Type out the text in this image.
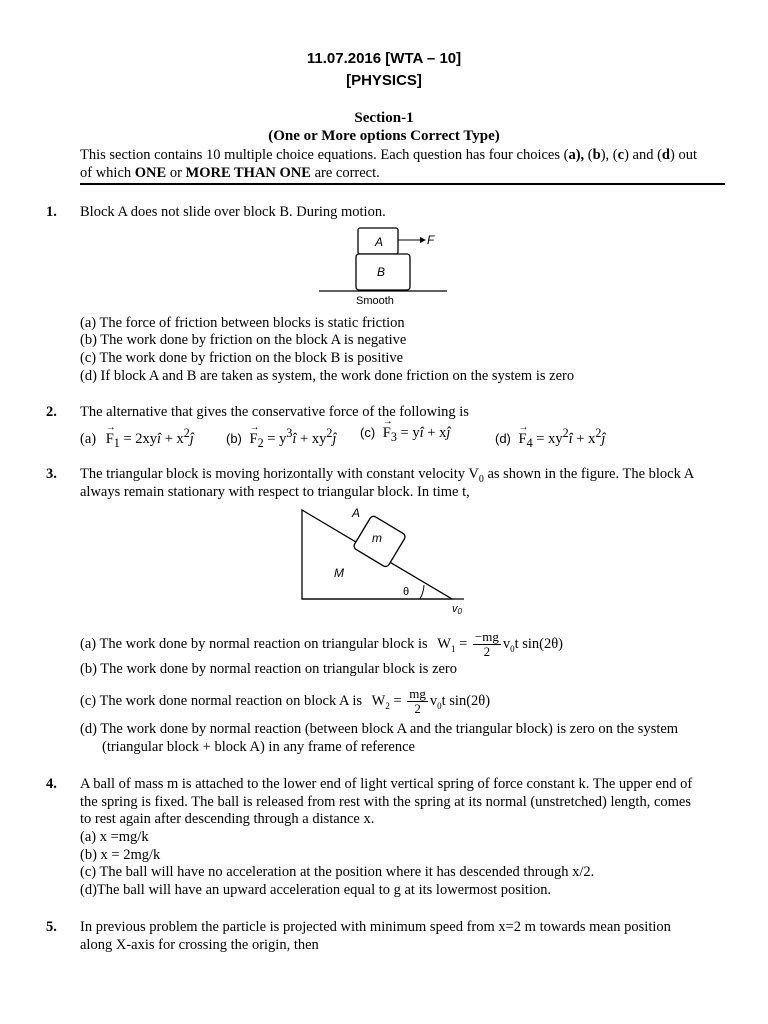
11.07.2016 [WTA – 10]
[PHYSICS]
Section-1
(One or More options Correct Type)
This section contains 10 multiple choice equations. Each question has four choices (a), (b), (c) and (d) out
of which ONE or MORE THAN ONE are correct.
1. Block A does not slide over block B. During motion.
A	F
B
Smooth
(a) The force of friction between blocks is static friction
(b) The work done by friction on the block A is negative
(c) The work done by friction on the block B is positive
(d) If block A and B are taken as system, the work done friction on the system is zero
2. The alternative that gives the conservative force of the following is
$(a) \to F_1$ = 2xyî + $x^2ĵ$ $(b) \to F_2$ = $y^3î$ + $xy^2ĵ$ $(c) \to F_3$ = yî + xĵ	$(d) \to F_4$ = $xy^2î$ + $x^2ĵ$
3. The triangular block is moving horizontally with constant velocity $V_0$ as shown in the figure. The block A
always remain stationary with respect to triangular block. In time t,
A
m
M
θ
v0
(a) The work done by normal reaction on triangular block is $W_1 = \frac{-mg}{2} v_0t$ sin(2θ)
(b) The work done by normal reaction on triangular block is zero
(c) The work done normal reaction on block A is $W_2 = \frac{mg}{2} v_0t$ sin(2θ)
(d) The work done by normal reaction (between block A and the triangular block) is zero on the system
(triangular block + block A) in any frame of reference
4. A ball of mass m is attached to the lower end of light vertical spring of force constant k. The upper end of
the spring is fixed. The ball is released from rest with the spring at its normal (unstretched) length, comes
to rest again after descending through a distance x.
(a) x =mg/k
(b) x = 2mg/k
(c) The ball will have no acceleration at the position where it has descended through x/2.
(d)The ball will have an upward acceleration equal to g at its lowermost position.
5. In previous problem the particle is projected with minimum speed from x=2 m towards mean position
along X-axis for crossing the origin, then
